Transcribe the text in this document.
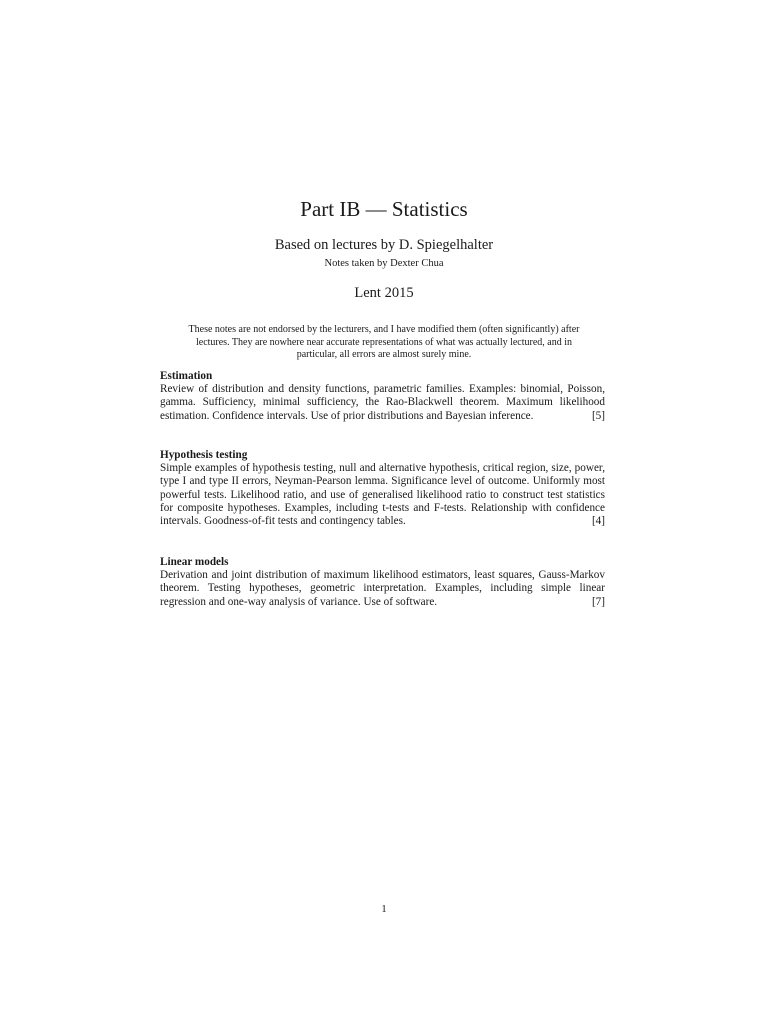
Part IB — Statistics
Based on lectures by D. Spiegelhalter
Notes taken by Dexter Chua
Lent 2015
These notes are not endorsed by the lecturers, and I have modified them (often significantly) after lectures. They are nowhere near accurate representations of what was actually lectured, and in particular, all errors are almost surely mine.

Estimation

Review of distribution and density functions, parametric families. Examples: binomial, Poisson, gamma. Sufficiency, minimal sufficiency, the Rao-Blackwell theorem. Maximum likelihood estimation. Confidence intervals. Use of prior distributions and Bayesian inference.	[5]

Hypothesis testing

Simple examples of hypothesis testing, null and alternative hypothesis, critical region, size, power, type I and type II errors, Neyman-Pearson lemma. Significance level of outcome. Uniformly most powerful tests. Likelihood ratio, and use of generalised likelihood ratio to construct test statistics for composite hypotheses. Examples, including t-tests and F-tests. Relationship with confidence intervals. Goodness-of-fit tests and contingency tables.	[4]

Linear models

Derivation and joint distribution of maximum likelihood estimators, least squares, Gauss-Markov theorem. Testing hypotheses, geometric interpretation. Examples, including simple linear regression and one-way analysis of variance. Use of software.	[7]

1
